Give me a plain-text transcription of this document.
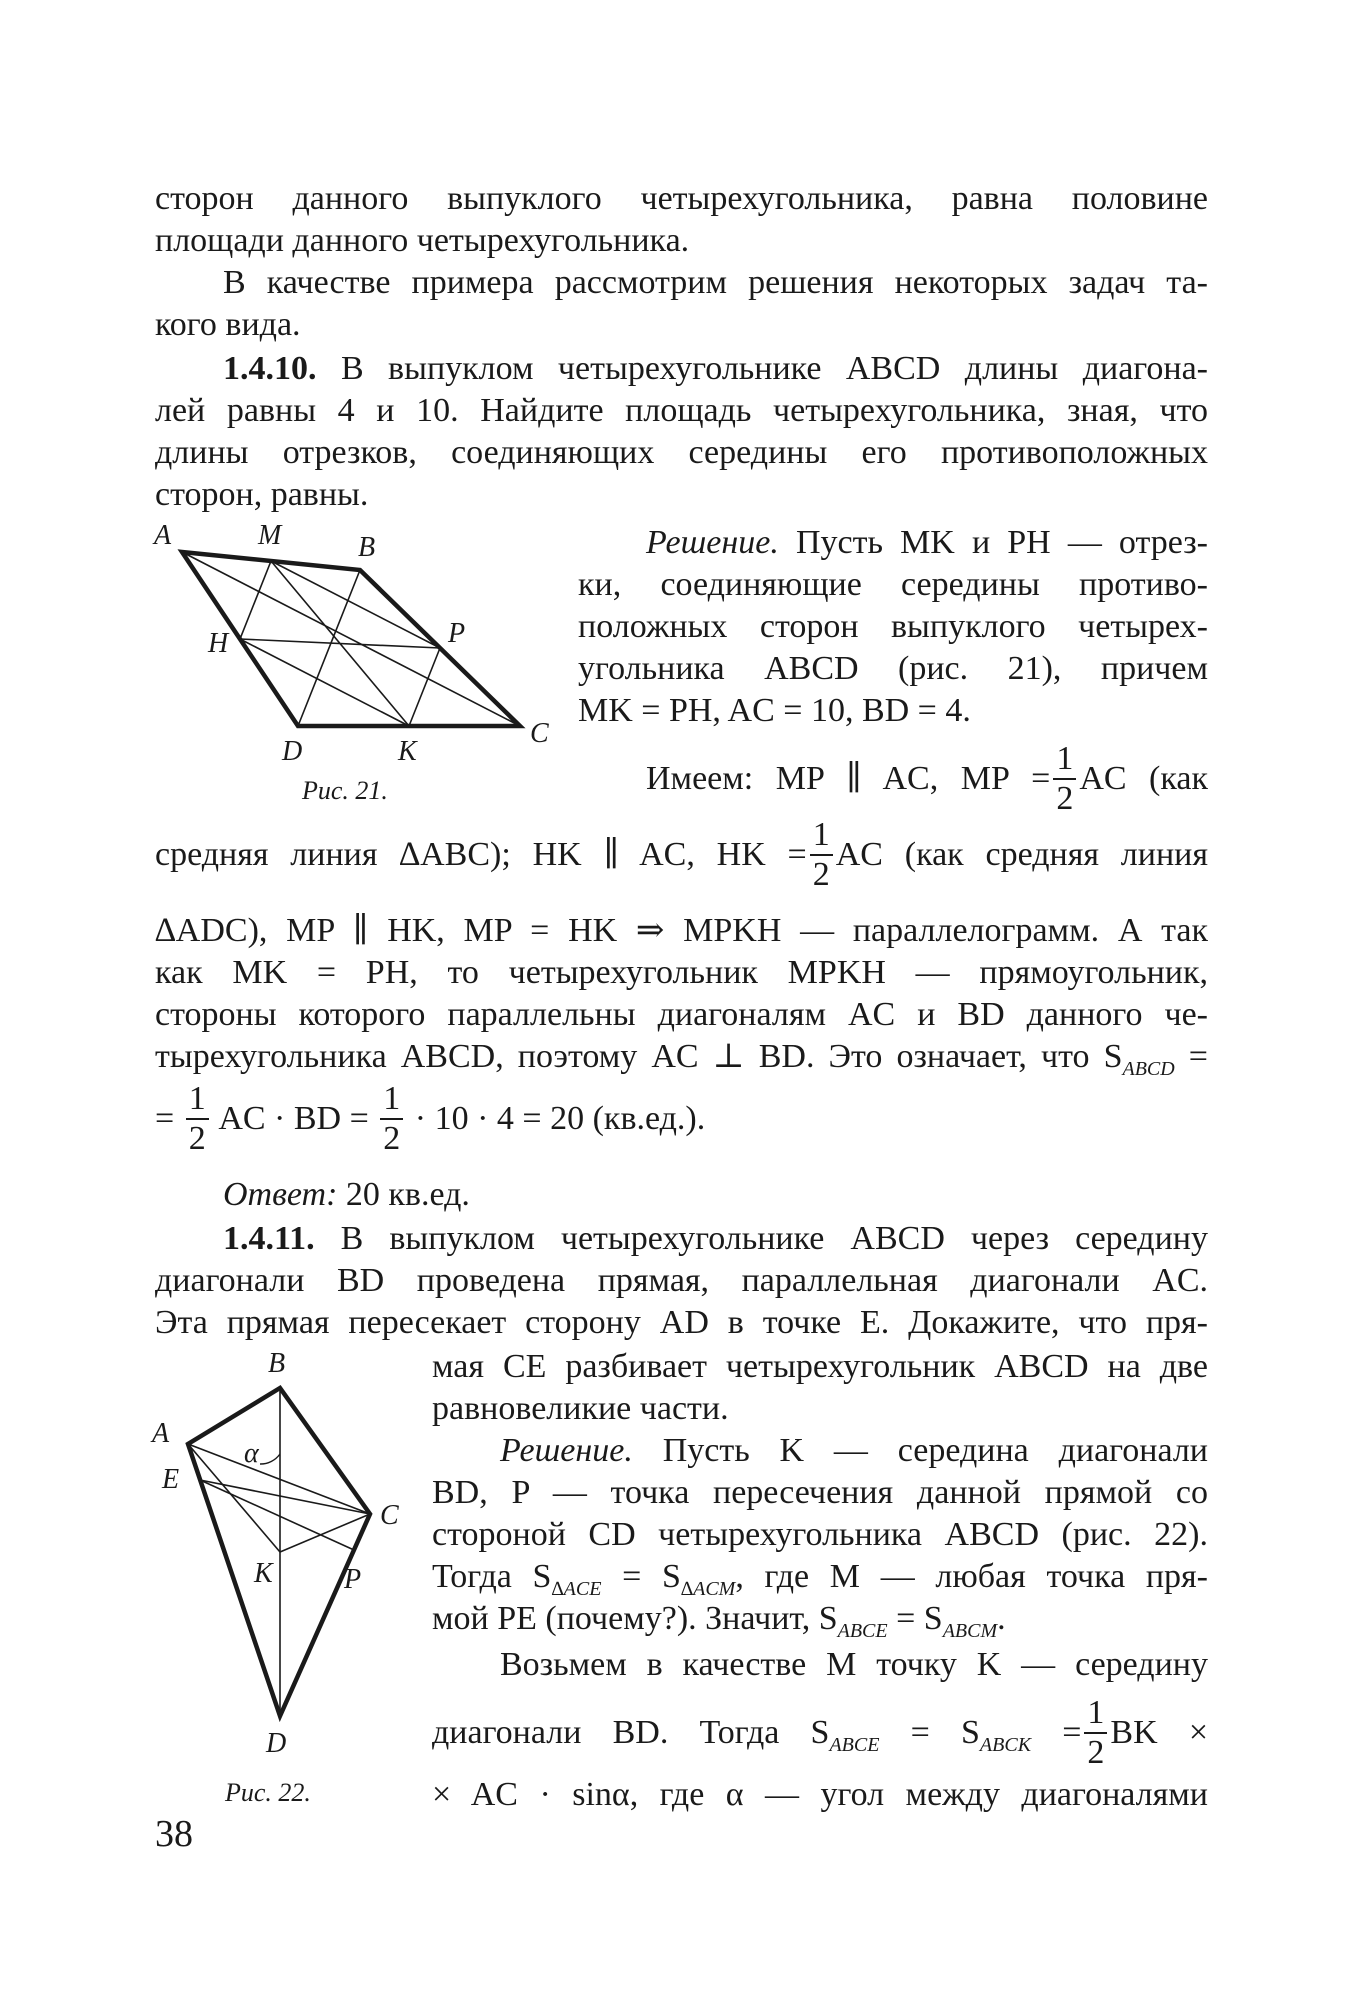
сторон данного выпуклого четырехугольника, равна половине
площади данного четырехугольника.
В качестве примера рассмотрим решения некоторых задач та-
кого вида.
1.4.10. В выпуклом четырехугольнике ABCD длины диагона-
лей равны 4 и 10. Найдите площадь четырехугольника, зная, что
длины отрезков, соединяющих середины его противоположных
сторон, равны.
A	M	B
H	P
D	K
C
Рис. 21.
Решение. Пусть MK и PH — отрез-
ки, соединяющие середины противо-
положных сторон выпуклого четырех-
угольника ABCD (рис. 21), причем
MK = PH, AC = 10, BD = 4.
Имеем: MP ∥ AC, MP = $\frac{1}{2}$ AC (как
средняя линия ∆ABC); HK ∥ AC, HK = $\frac{1}{2}$ AC (как средняя линия
∆ADC), MP ∥ HK, MP = HK ⇒ MPKH — параллелограмм. А так
как MK = PH, то четырехугольник MPKH — прямоугольник,
стороны которого параллельны диагоналям AC и BD данного че-
тырехугольника ABCD, поэтому AC ⊥ BD. Это означает, что $S_{ABCD}$ =
= $\frac{1}{2}$ AC · BD = $\frac{1}{2} \cdot 10 \cdot 4 = 20$ (кв.ед.).
Ответ: 20 кв.ед.
1.4.11. В выпуклом четырехугольнике ABCD через середину
диагонали BD проведена прямая, параллельная диагонали AC.
Эта прямая пересекает сторону AD в точке E. Докажите, что пря-
B
A
α
C
E
K	P
D
Рис. 22.
мая CE разбивает четырехугольник ABCD на две
равновеликие части.
Решение. Пусть K — середина диагонали
BD, P — точка пересечения данной прямой со
стороной CD четырехугольника ABCD (рис. 22).
Тогда $S_{\Delta ACE} = S_{\Delta ACM}$, где M — любая точка пря-
мой PE (почему?). Значит, $S_{ABCE} = S_{ABCM}$.
Возьмем в качестве M точку K — середину
диагонали BD. Тогда $S_{ABCE} = S_{ABCK} = \frac{1}{2}$ BK ×
× AC · sinα, где α — угол между диагоналями
38
